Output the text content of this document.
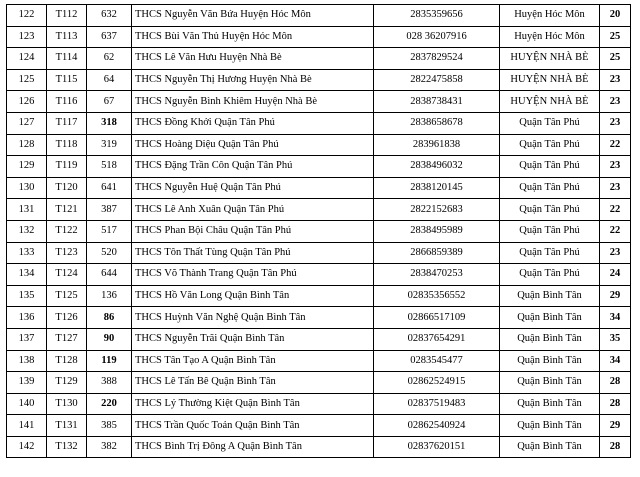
122	T112	632	THCS Nguyễn Văn Bứa Huyện Hóc Môn	2835359656	Huyện Hóc Môn	20
123	T113	637	THCS Bùi Văn Thủ Huyện Hóc Môn	028 36207916	Huyện Hóc Môn	25
124	T114	62	THCS Lê Văn Hưu Huyện Nhà Bè	2837829524	HUYỆN NHÀ BÈ	25
125	T115	64	THCS Nguyễn Thị Hương Huyện Nhà Bè	2822475858	HUYỆN NHÀ BÈ	23
126	T116	67	THCS Nguyễn Bình Khiêm Huyện Nhà Bè	2838738431	HUYỆN NHÀ BÈ	23
127	T117	318	THCS Đồng Khởi Quận Tân Phú	2838658678	Quận Tân Phú	23
128	T118	319	THCS Hoàng Diệu Quận Tân Phú	283961838	Quận Tân Phú	22
129	T119	518	THCS Đặng Trần Côn Quận Tân Phú	2838496032	Quận Tân Phú	23
130	T120	641	THCS Nguyễn Huệ Quận Tân Phú	2838120145	Quận Tân Phú	23
131	T121	387	THCS Lê Anh Xuân Quận Tân Phú	2822152683	Quận Tân Phú	22
132	T122	517	THCS Phan Bội Châu Quận Tân Phú	2838495989	Quận Tân Phú	22
133	T123	520	THCS Tôn Thất Tùng Quận Tân Phú	2866859389	Quận Tân Phú	23
134	T124	644	THCS Võ Thành Trang Quận Tân Phú	2838470253	Quận Tân Phú	24
135	T125	136	THCS Hồ Văn Long Quận Bình Tân	02835356552	Quận Bình Tân	29
136	T126	86	THCS Huỳnh Văn Nghệ Quận Bình Tân	02866517109	Quận Bình Tân	34
137	T127	90	THCS Nguyễn Trãi Quận Bình Tân	02837654291	Quận Bình Tân	35
138	T128	119	THCS Tân Tạo A Quận Bình Tân	0283545477	Quận Bình Tân	34
139	T129	388	THCS Lê Tấn Bê Quận Bình Tân	02862524915	Quận Bình Tân	28
140	T130	220	THCS Lý Thường Kiệt Quận Bình Tân	02837519483	Quận Bình Tân	28
141	T131	385	THCS Trần Quốc Toản Quận Bình Tân	02862540924	Quận Bình Tân	29
142	T132	382	THCS Bình Trị Đông A Quận Bình Tân	02837620151	Quận Bình Tân	28
